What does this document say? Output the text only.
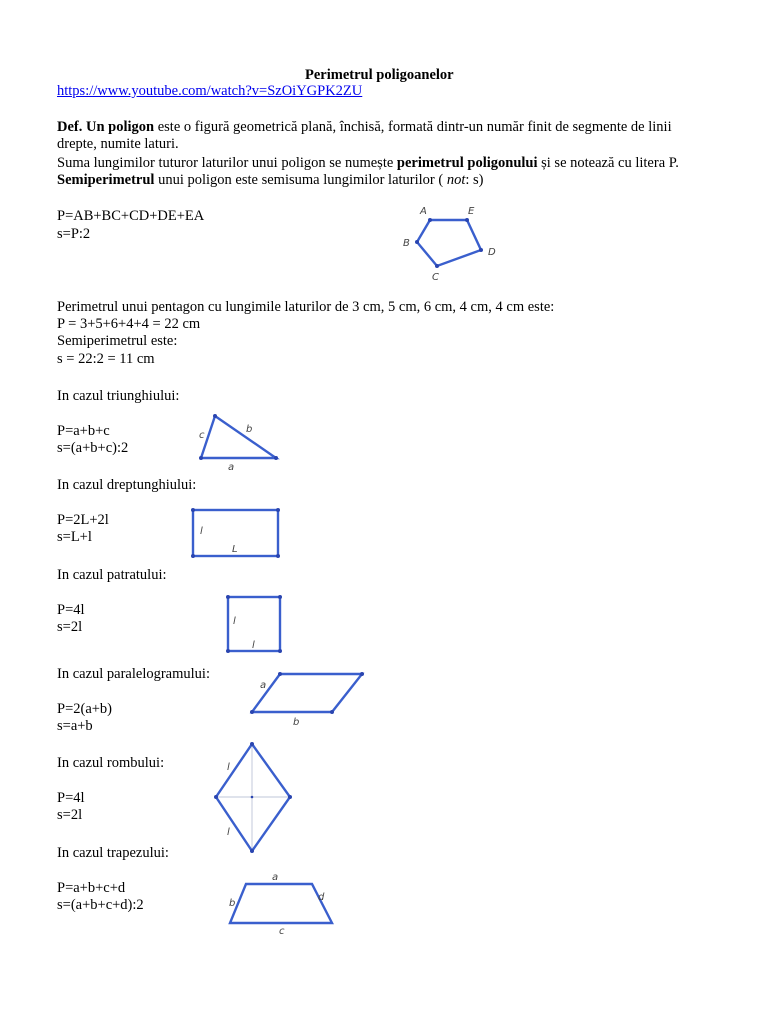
Perimetrul poligoanelor
https://www.youtube.com/watch?v=SzOiYGPK2ZU
Def. Un poligon este o figură geometrică plană, închisă, formată dintr-un număr finit de segmente de linii
drepte, numite laturi.
Suma lungimilor tuturor laturilor unui poligon se numește perimetrul poligonului și se notează cu litera P.
Semiperimetrul unui poligon este semisuma lungimilor laturilor ( not: s)
P=AB+BC+CD+DE+EA
s=P:2
A	E
D
C
B
Perimetrul unui pentagon cu lungimile laturilor de 3 cm, 5 cm, 6 cm, 4 cm, 4 cm este:
P = 3+5+6+4+4 = 22 cm
Semiperimetrul este:
s = 22:2 = 11 cm
In cazul triunghiului:
P=a+b+c
s=(a+b+c):2
a
b
c
In cazul dreptunghiului:
P=2L+2l
s=L+l	l
L
In cazul patratului:
P=4l
s=2l	l
l
In cazul paralelogramului:
P=2(a+b)
s=a+b
a
b
In cazul rombului:
P=4l
s=2l
l
l
In cazul trapezului:
P=a+b+c+d
s=(a+b+c+d):2
a
b
c
d
